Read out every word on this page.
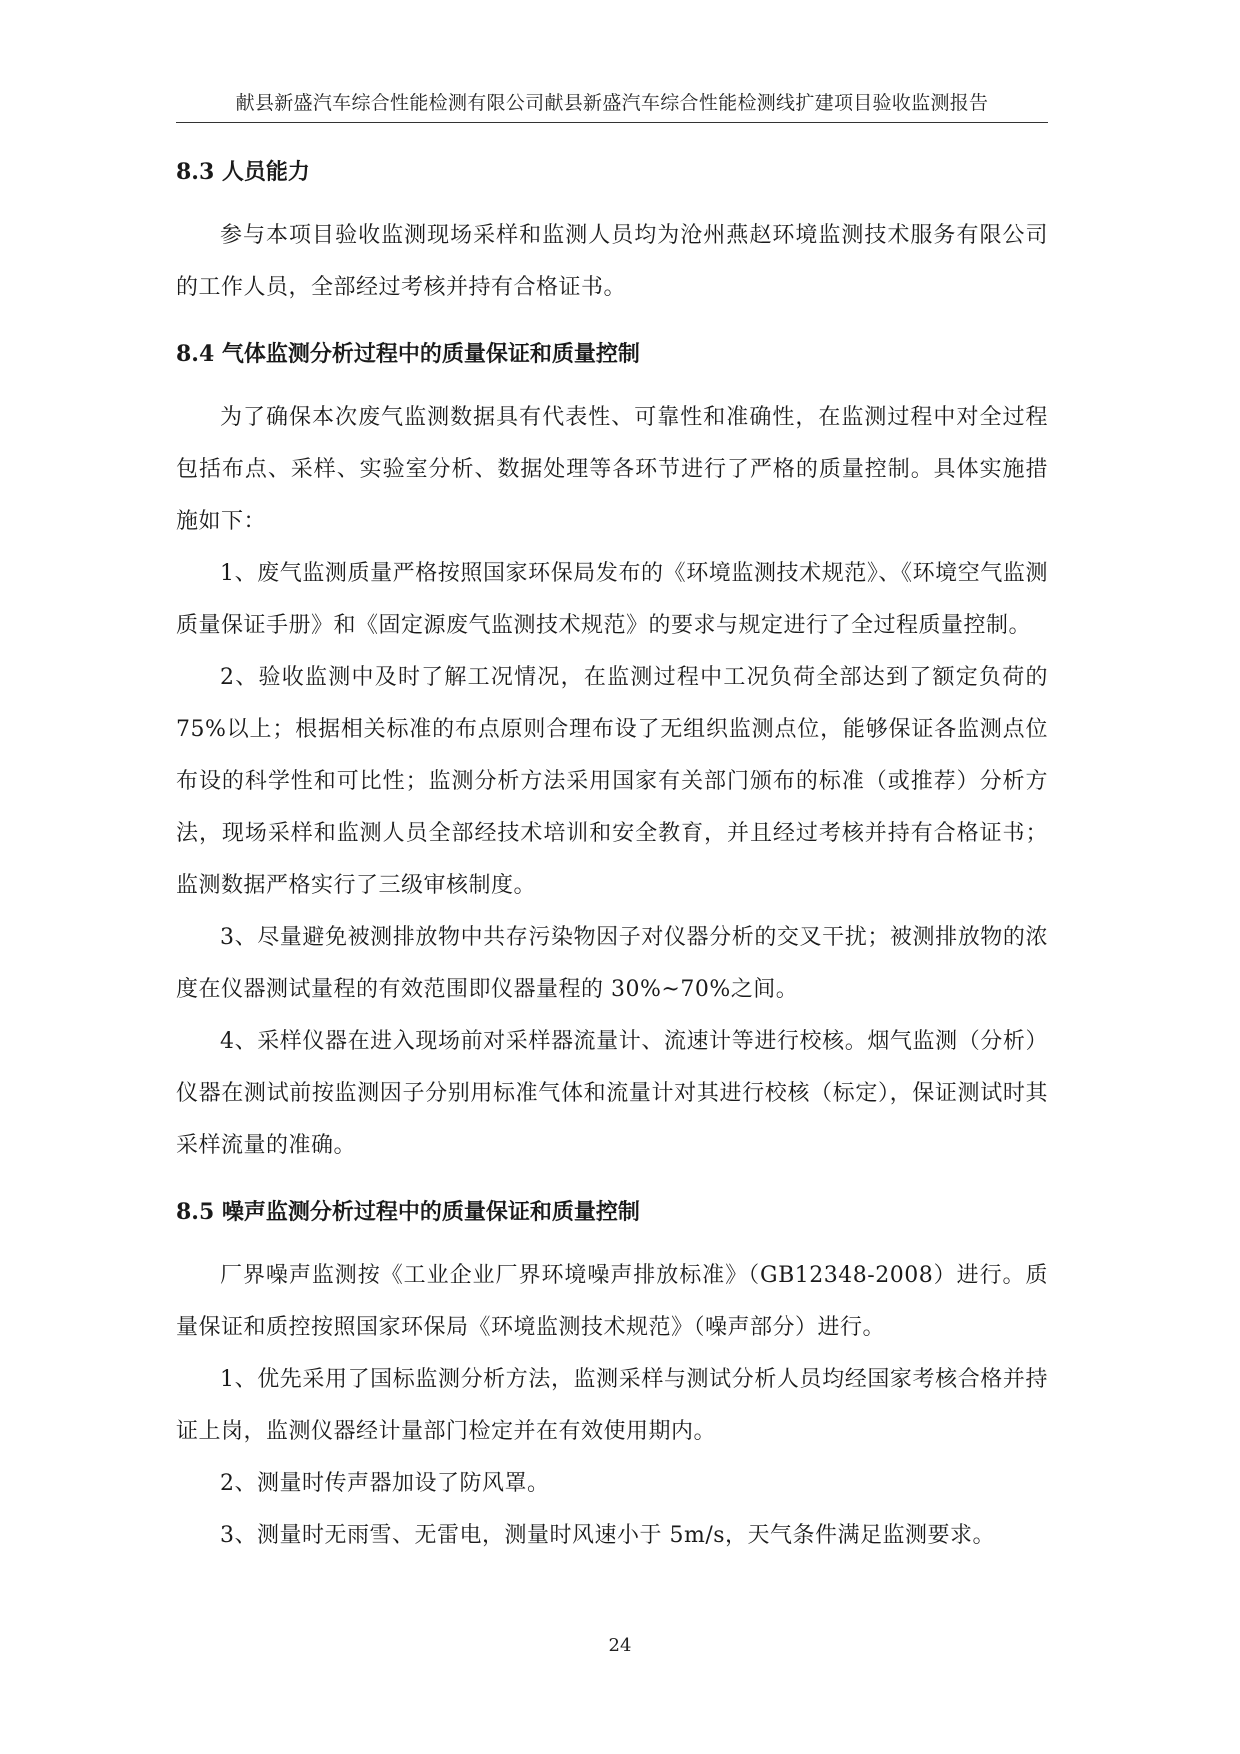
献县新盛汽车综合性能检测有限公司献县新盛汽车综合性能检测线扩建项目验收监测报告
8.3 人员能力

参与本项目验收监测现场采样和监测人员均为沧州燕赵环境监测技术服务有限公司的工作人员，全部经过考核并持有合格证书。

8.4 气体监测分析过程中的质量保证和质量控制

为了确保本次废气监测数据具有代表性、可靠性和准确性，在监测过程中对全过程包括布点、采样、实验室分析、数据处理等各环节进行了严格的质量控制。具体实施措施如下：

1、废气监测质量严格按照国家环保局发布的《环境监测技术规范》、《环境空气监测质量保证手册》和《固定源废气监测技术规范》的要求与规定进行了全过程质量控制。

2、验收监测中及时了解工况情况，在监测过程中工况负荷全部达到了额定负荷的 75%以上；根据相关标准的布点原则合理布设了无组织监测点位，能够保证各监测点位布设的科学性和可比性；监测分析方法采用国家有关部门颁布的标准（或推荐）分析方法，现场采样和监测人员全部经技术培训和安全教育，并且经过考核并持有合格证书；监测数据严格实行了三级审核制度。

3、尽量避免被测排放物中共存污染物因子对仪器分析的交叉干扰；被测排放物的浓度在仪器测试量程的有效范围即仪器量程的 30%~70%之间。

4、采样仪器在进入现场前对采样器流量计、流速计等进行校核。烟气监测（分析）仪器在测试前按监测因子分别用标准气体和流量计对其进行校核（标定），保证测试时其采样流量的准确。

8.5 噪声监测分析过程中的质量保证和质量控制

厂界噪声监测按《工业企业厂界环境噪声排放标准》（GB12348-2008）进行。质量保证和质控按照国家环保局《环境监测技术规范》（噪声部分）进行。

1、优先采用了国标监测分析方法，监测采样与测试分析人员均经国家考核合格并持证上岗，监测仪器经计量部门检定并在有效使用期内。

2、测量时传声器加设了防风罩。

3、测量时无雨雪、无雷电，测量时风速小于 5m/s，天气条件满足监测要求。

24
